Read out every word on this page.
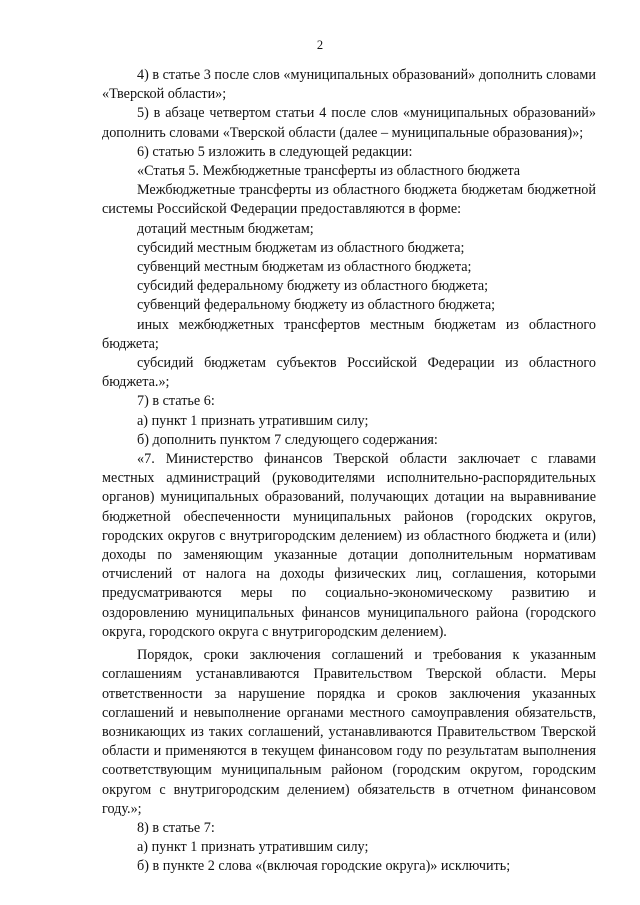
2

4) в статье 3 после слов «муниципальных образований» дополнить словами «Тверской области»;

5) в абзаце четвертом статьи 4 после слов «муниципальных образований» дополнить словами «Тверской области (далее – муниципальные образования)»;

6) статью 5 изложить в следующей редакции:

«Статья 5. Межбюджетные трансферты из областного бюджета

Межбюджетные трансферты из областного бюджета бюджетам бюджетной системы Российской Федерации предоставляются в форме:

дотаций местным бюджетам;

субсидий местным бюджетам из областного бюджета;

субвенций местным бюджетам из областного бюджета;

субсидий федеральному бюджету из областного бюджета;

субвенций федеральному бюджету из областного бюджета;

иных межбюджетных трансфертов местным бюджетам из областного бюджета;

субсидий бюджетам субъектов Российской Федерации из областного бюджета.»;

7) в статье 6:

а) пункт 1 признать утратившим силу;

б) дополнить пунктом 7 следующего содержания:

«7. Министерство финансов Тверской области заключает с главами местных администраций (руководителями исполнительно-распорядительных органов) муниципальных образований, получающих дотации на выравнивание бюджетной обеспеченности муниципальных районов (городских округов, городских округов с внутригородским делением) из областного бюджета и (или) доходы по заменяющим указанные дотации дополнительным нормативам отчислений от налога на доходы физических лиц, соглашения, которыми предусматриваются меры по социально-экономическому развитию и оздоровлению муниципальных финансов муниципального района (городского округа, городского округа с внутригородским делением).

Порядок, сроки заключения соглашений и требования к указанным соглашениям устанавливаются Правительством Тверской области. Меры ответственности за нарушение порядка и сроков заключения указанных соглашений и невыполнение органами местного самоуправления обязательств, возникающих из таких соглашений, устанавливаются Правительством Тверской области и применяются в текущем финансовом году по результатам выполнения соответствующим муниципальным районом (городским округом, городским округом с внутригородским делением) обязательств в отчетном финансовом году.»;

8) в статье 7:

а) пункт 1 признать утратившим силу;

б) в пункте 2 слова «(включая городские округа)» исключить;
